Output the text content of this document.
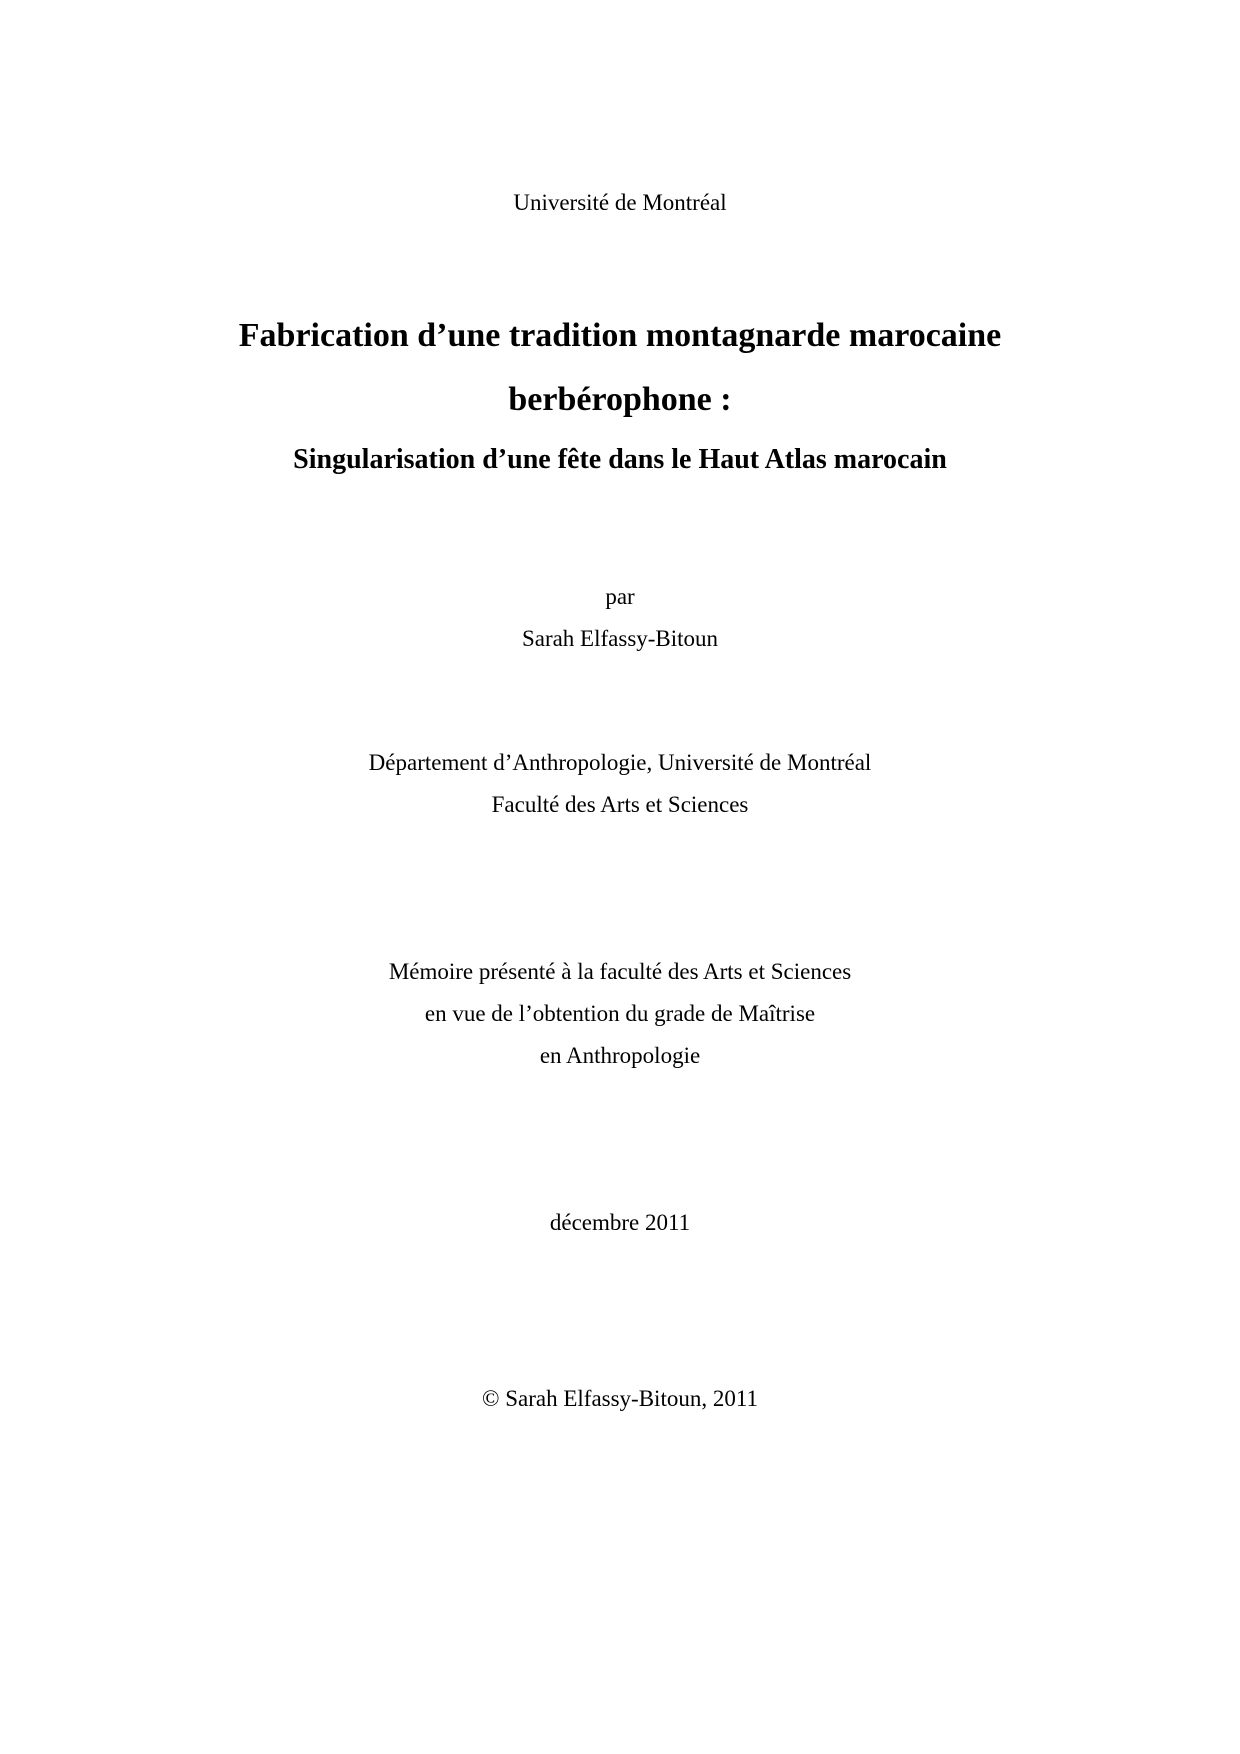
Université de Montréal
Fabrication d’une tradition montagnarde marocaine
berbérophone :
Singularisation d’une fête dans le Haut Atlas marocain
par
Sarah Elfassy-Bitoun
Département d’Anthropologie, Université de Montréal
Faculté des Arts et Sciences
Mémoire présenté à la faculté des Arts et Sciences
en vue de l’obtention du grade de Maîtrise
en Anthropologie
décembre 2011
© Sarah Elfassy-Bitoun, 2011
